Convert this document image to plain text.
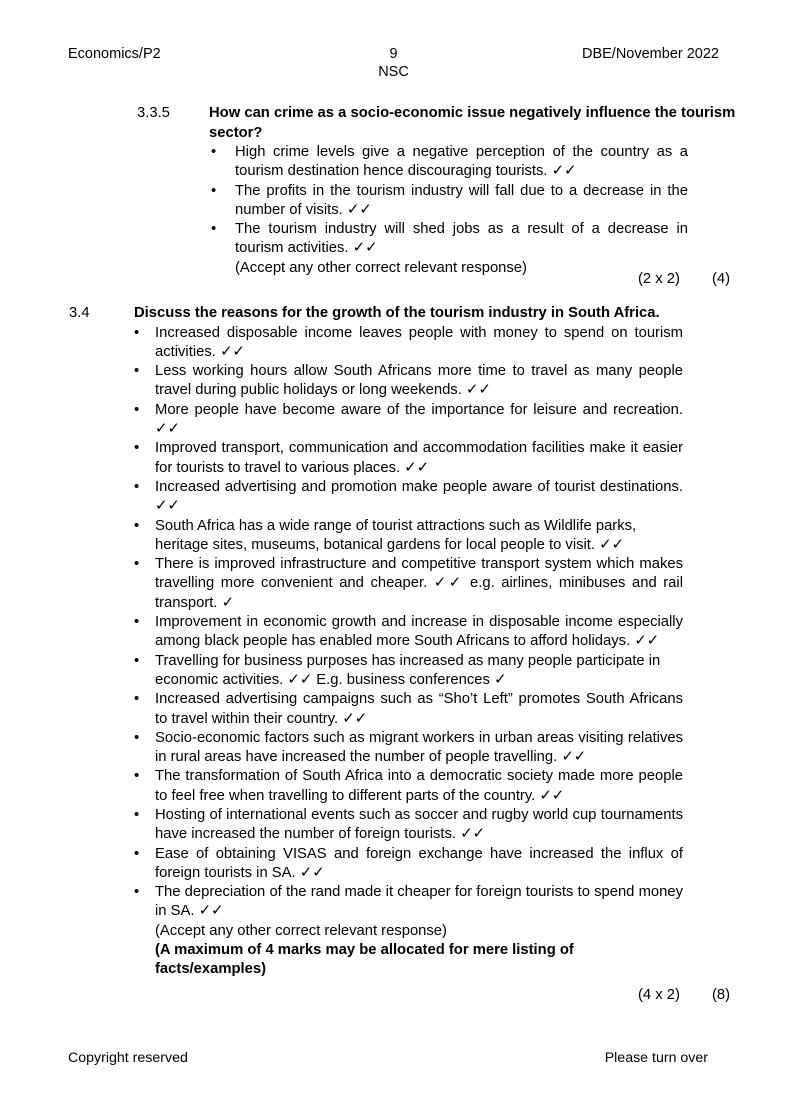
Economics/P2	9
NSC
DBE/November 2022
3.3.5	How can crime as a socio-economic issue negatively influence the tourism sector?
•	High crime levels give a negative perception of the country as a tourism destination hence discouraging tourists. ✓✓
•	The profits in the tourism industry will fall due to a decrease in the number of visits. ✓✓
•	The tourism industry will shed jobs as a result of a decrease in tourism activities. ✓✓
(Accept any other correct relevant response)
(2 x 2) (4)
3.4	Discuss the reasons for the growth of the tourism industry in South Africa.
•	Increased disposable income leaves people with money to spend on tourism activities. ✓✓
•	Less working hours allow South Africans more time to travel as many people travel during public holidays or long weekends. ✓✓
•	More people have become aware of the importance for leisure and recreation. ✓✓
•	Improved transport, communication and accommodation facilities make it easier for tourists to travel to various places. ✓✓
•	Increased advertising and promotion make people aware of tourist destinations. ✓✓
•	South Africa has a wide range of tourist attractions such as Wildlife parks, heritage sites, museums, botanical gardens for local people to visit. ✓✓
•	There is improved infrastructure and competitive transport system which makes travelling more convenient and cheaper. ✓✓ e.g. airlines, minibuses and rail transport. ✓
•	Improvement in economic growth and increase in disposable income especially among black people has enabled more South Africans to afford holidays. ✓✓
•	Travelling for business purposes has increased as many people participate in economic activities. ✓✓ E.g. business conferences ✓
•	Increased advertising campaigns such as “Sho’t Left” promotes South Africans to travel within their country. ✓✓
•	Socio-economic factors such as migrant workers in urban areas visiting relatives in rural areas have increased the number of people travelling. ✓✓
•	The transformation of South Africa into a democratic society made more people to feel free when travelling to different parts of the country. ✓✓
•	Hosting of international events such as soccer and rugby world cup tournaments have increased the number of foreign tourists. ✓✓
•	Ease of obtaining VISAS and foreign exchange have increased the influx of foreign tourists in SA. ✓✓
•	The depreciation of the rand made it cheaper for foreign tourists to spend money in SA. ✓✓
(Accept any other correct relevant response)
(A maximum of 4 marks may be allocated for mere listing of facts/examples)
(4 x 2) (8)
Copyright reserved	Please turn over
